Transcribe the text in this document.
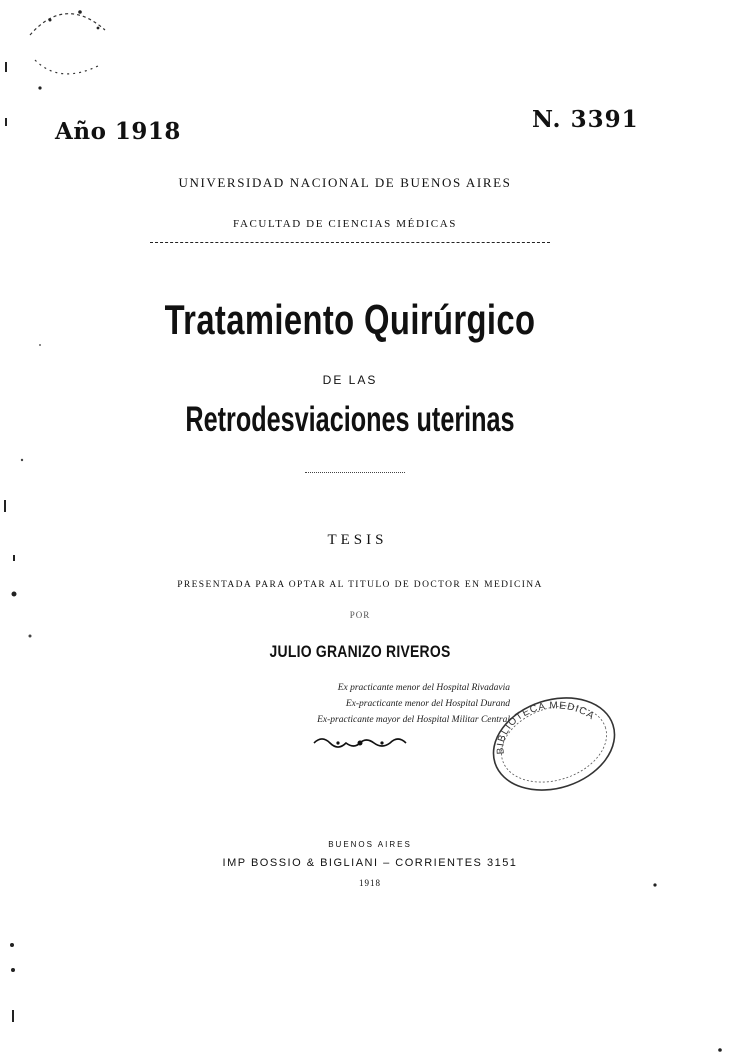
Año 1918	N. 3391
UNIVERSIDAD NACIONAL DE BUENOS AIRES
FACULTAD DE CIENCIAS MÉDICAS
Tratamiento Quirúrgico
DE LAS
Retrodesviaciones uterinas
TESIS
PRESENTADA PARA OPTAR AL TITULO DE DOCTOR EN MEDICINA
POR
JULIO GRANIZO RIVEROS
Ex practicante menor del Hospital Rivadavia
Ex-practicante menor del Hospital Durand
Ex-practicante mayor del Hospital Militar Central
BIBLIOTECA MEDICA
BUENOS AIRES
IMP BOSSIO & BIGLIANI – CORRIENTES 3151
1918
